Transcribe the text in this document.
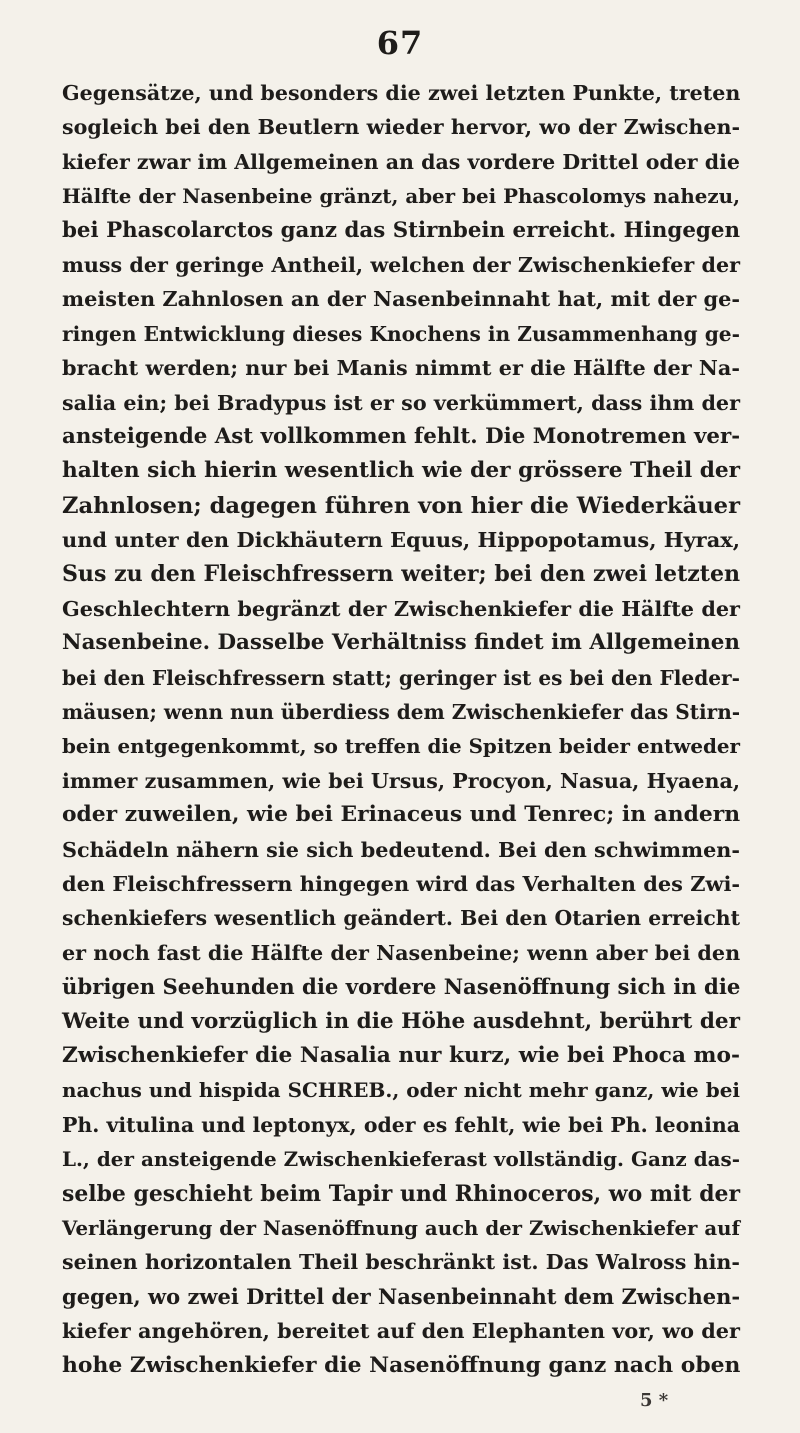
67
Gegensätze, und besonders die zwei letzten Punkte, treten
sogleich bei den Beutlern wieder hervor, wo der Zwischen-
kiefer zwar im Allgemeinen an das vordere Drittel oder die
Hälfte der Nasenbeine gränzt, aber bei Phascolomys nahezu,
bei Phascolarctos ganz das Stirnbein erreicht. Hingegen
muss der geringe Antheil, welchen der Zwischenkiefer der
meisten Zahnlosen an der Nasenbeinnaht hat, mit der ge-
ringen Entwicklung dieses Knochens in Zusammenhang ge-
bracht werden; nur bei Manis nimmt er die Hälfte der Na-
salia ein; bei Bradypus ist er so verkümmert, dass ihm der
ansteigende Ast vollkommen fehlt. Die Monotremen ver-
halten sich hierin wesentlich wie der grössere Theil der
Zahnlosen; dagegen führen von hier die Wiederkäuer
und unter den Dickhäutern Equus, Hippopotamus, Hyrax,
Sus zu den Fleischfressern weiter; bei den zwei letzten
Geschlechtern begränzt der Zwischenkiefer die Hälfte der
Nasenbeine. Dasselbe Verhältniss findet im Allgemeinen
bei den Fleischfressern statt; geringer ist es bei den Fleder-
mäusen; wenn nun überdiess dem Zwischenkiefer das Stirn-
bein entgegenkommt, so treffen die Spitzen beider entweder
immer zusammen, wie bei Ursus, Procyon, Nasua, Hyaena,
oder zuweilen, wie bei Erinaceus und Tenrec; in andern
Schädeln nähern sie sich bedeutend. Bei den schwimmen-
den Fleischfressern hingegen wird das Verhalten des Zwi-
schenkiefers wesentlich geändert. Bei den Otarien erreicht
er noch fast die Hälfte der Nasenbeine; wenn aber bei den
übrigen Seehunden die vordere Nasenöffnung sich in die
Weite und vorzüglich in die Höhe ausdehnt, berührt der
Zwischenkiefer die Nasalia nur kurz, wie bei Phoca mo-
nachus und hispida SCHREB., oder nicht mehr ganz, wie bei
Ph. vitulina und leptonyx, oder es fehlt, wie bei Ph. leonina
L., der ansteigende Zwischenkieferast vollständig. Ganz das-
selbe geschieht beim Tapir und Rhinoceros, wo mit der
Verlängerung der Nasenöffnung auch der Zwischenkiefer auf
seinen horizontalen Theil beschränkt ist. Das Walross hin-
gegen, wo zwei Drittel der Nasenbeinnaht dem Zwischen-
kiefer angehören, bereitet auf den Elephanten vor, wo der
hohe Zwischenkiefer die Nasenöffnung ganz nach oben
5 *
